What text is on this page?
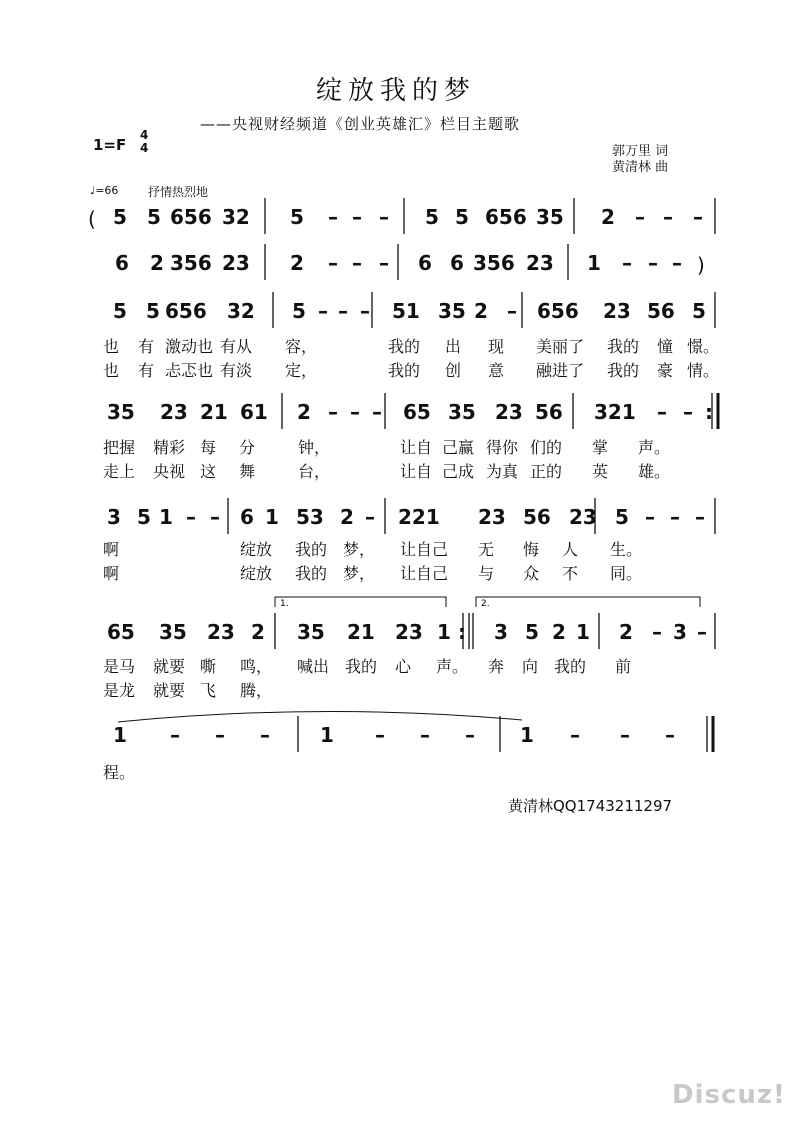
绽放我的梦
——央视财经频道《创业英雄汇》栏目主题歌
1=F
4
4	郭万里 词
黄清林 曲
♩=66 抒情热烈地
( 5 5 656 32 5 – – – 5 5 656 35 2 – – –
6 2 356 23 2 – – – 6 6 356 23 1 – – – )
5 5 656 32 5 – – – 51 35 2 – 656 23 56 5
也 有 激动也 有从 容，	我的 出 现 美丽了 我的 憧 憬。
也 有 忐忑也 有淡 定，	我的 创 意 融进了 我的 豪 情。
35 23 21 61 2 – – – 65 35 23 56 321 – – :
把握 精彩 每 分	钟，	让自 己赢 得你 们的 掌 声。
走上 央视 这 舞	台，	让自 己成 为真 正的 英 雄。
3 5 1 – – 6 1 53 2 – 221 23 56 23 5 – – –
啊	绽放 我的 梦， 让自己 无 悔 人 生。
啊	绽放 我的 梦， 让自己 与 众 不 同。
65 35 23 2 35 21 23 1 : 3 5 2 1 2 – 3 –
1.	2.
是马 就要 嘶 鸣， 喊出 我的 心 声。 奔 向 我的 前
是龙 就要 飞 腾，
1 – – –	1 – – – 1 – – –
程。
黄清林QQ1743211297
Discuz!
